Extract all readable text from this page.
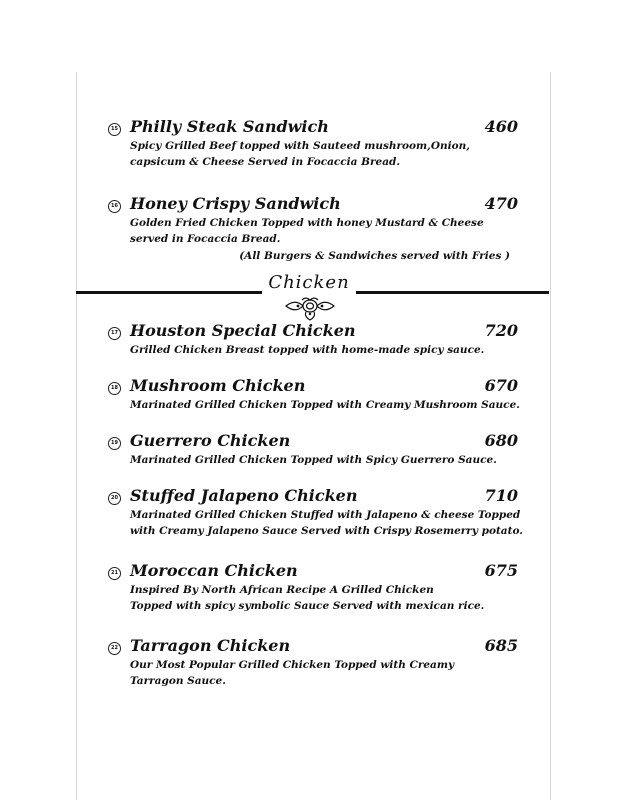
15 Philly Steak Sandwich	460
Spicy Grilled Beef topped with Sauteed mushroom,Onion,
capsicum & Cheese Served in Focaccia Bread.
16 Honey Crispy Sandwich	470
Golden Fried Chicken Topped with honey Mustard & Cheese
served in Focaccia Bread.
(All Burgers & Sandwiches served with Fries )
Chicken
17 Houston Special Chicken	720
Grilled Chicken Breast topped with home-made spicy sauce.
18 Mushroom Chicken	670
Marinated Grilled Chicken Topped with Creamy Mushroom Sauce.
19 Guerrero Chicken	680
Marinated Grilled Chicken Topped with Spicy Guerrero Sauce.
20 Stuffed Jalapeno Chicken	710
Marinated Grilled Chicken Stuffed with Jalapeno & cheese Topped
with Creamy Jalapeno Sauce Served with Crispy Rosemerry potato.
21 Moroccan Chicken	675
Inspired By North African Recipe A Grilled Chicken
Topped with spicy symbolic Sauce Served with mexican rice.
22 Tarragon Chicken	685
Our Most Popular Grilled Chicken Topped with Creamy
Tarragon Sauce.
